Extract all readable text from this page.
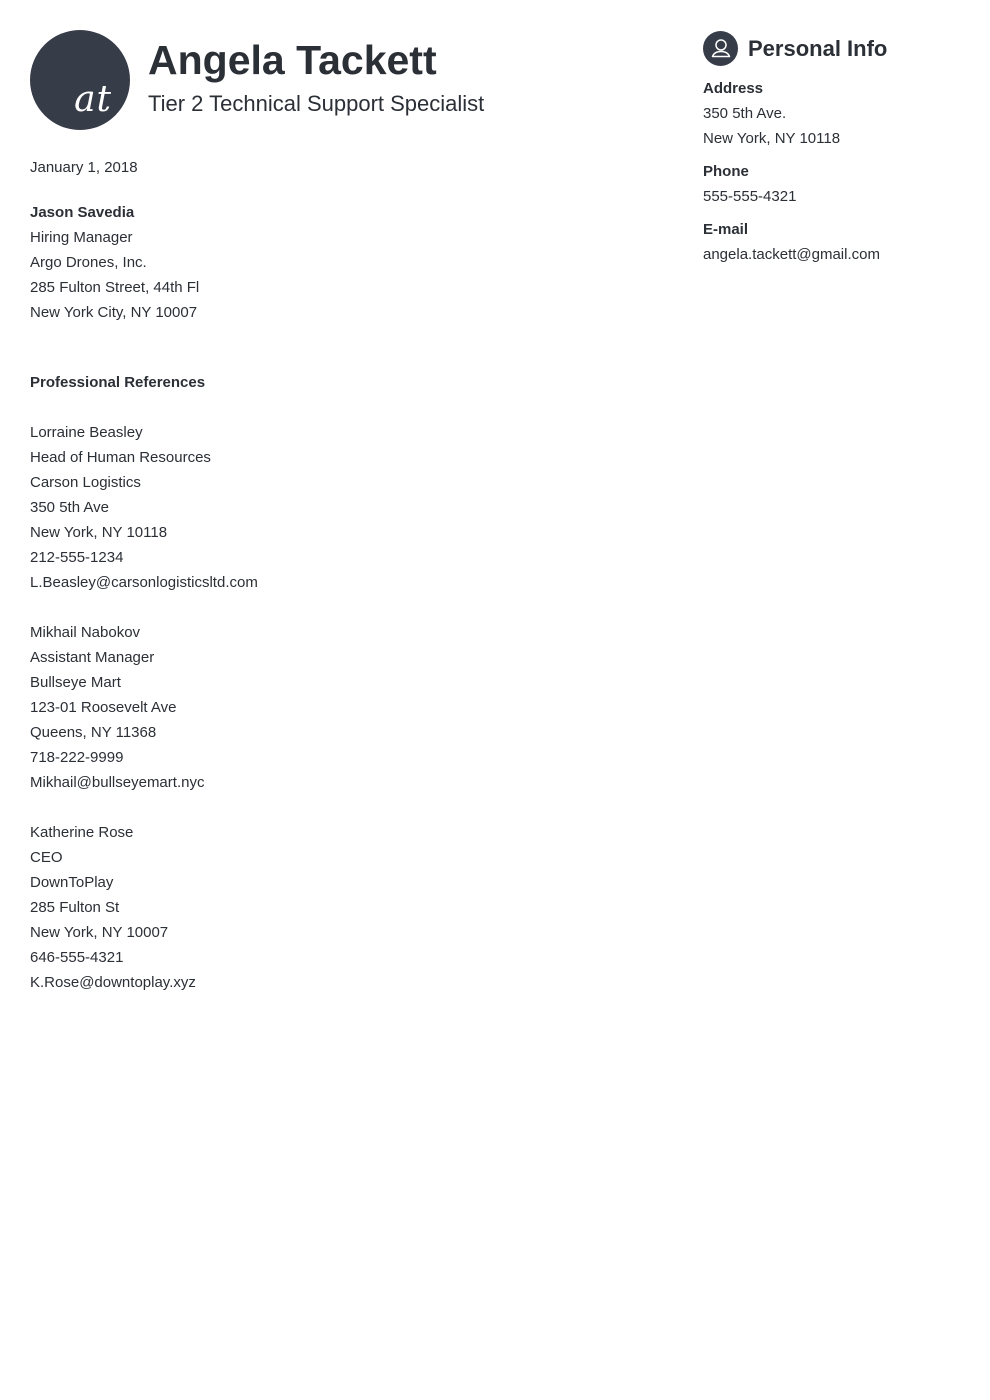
at
Angela Tackett
Tier 2 Technical Support Specialist
January 1, 2018
Jason Savedia
Hiring Manager
Argo Drones, Inc.
285 Fulton Street, 44th Fl
New York City, NY 10007
Professional References
Lorraine Beasley
Head of Human Resources
Carson Logistics
350 5th Ave
New York, NY 10118
212-555-1234
L.Beasley@carsonlogisticsltd.com
Mikhail Nabokov
Assistant Manager
Bullseye Mart
123-01 Roosevelt Ave
Queens, NY 11368
718-222-9999
Mikhail@bullseyemart.nyc
Katherine Rose
CEO
DownToPlay
285 Fulton St
New York, NY 10007
646-555-4321
K.Rose@downtoplay.xyz
Personal Info
Address
350 5th Ave.
New York, NY 10118
Phone
555-555-4321
E-mail
angela.tackett@gmail.com
